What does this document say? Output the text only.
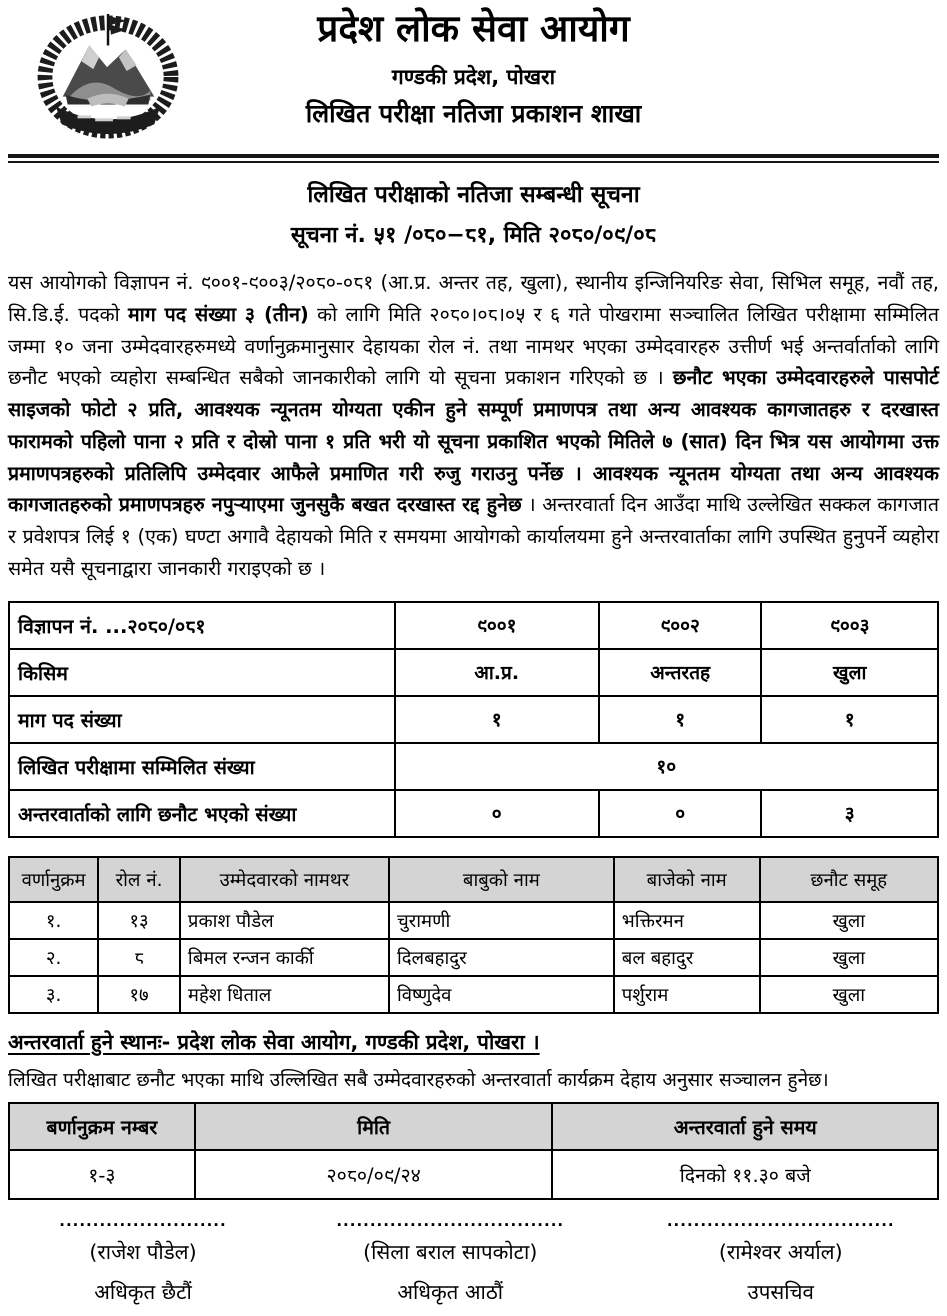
प्रदेश लोक सेवा आयोग
गण्डकी प्रदेश, पोखरा
लिखित परीक्षा नतिजा प्रकाशन शाखा
लिखित परीक्षाको नतिजा सम्बन्धी सूचना
सूचना नं. ५१ /०८०−८१, मिति २०८०/०९/०८

यस आयोगको विज्ञापन नं. ९००१-९००३/२०८०-०८१ (आ.प्र. अन्तर तह, खुला), स्थानीय इन्जिनियरिङ सेवा, सिभिल समूह, नवौं तह, सि.डि.ई. पदको माग पद संख्या ३ (तीन) को लागि मिति २०८०।०८।०५ र ६ गते पोखरामा सञ्चालित लिखित परीक्षामा सम्मिलित जम्मा १० जना उम्मेदवारहरुमध्ये वर्णानुक्रमानुसार देहायका रोल नं. तथा नामथर भएका उम्मेदवारहरु उत्तीर्ण भई अन्तर्वार्ताको लागि छनौट भएको व्यहोरा सम्बन्धित सबैको जानकारीको लागि यो सूचना प्रकाशन गरिएको छ । छनौट भएका उम्मेदवारहरुले पासपोर्ट साइजको फोटो २ प्रति, आवश्यक न्यूनतम योग्यता एकीन हुने सम्पूर्ण प्रमाणपत्र तथा अन्य आवश्यक कागजातहरु र दरखास्त फारामको पहिलो पाना २ प्रति र दोस्रो पाना १ प्रति भरी यो सूचना प्रकाशित भएको मितिले ७ (सात) दिन भित्र यस आयोगमा उक्त प्रमाणपत्रहरुको प्रतिलिपि उम्मेदवार आफैले प्रमाणित गरी रुजु गराउनु पर्नेछ । आवश्यक न्यूनतम योग्यता तथा अन्य आवश्यक कागजातहरुको प्रमाणपत्रहरु नपुऱ्याएमा जुनसुकै बखत दरखास्त रद्द हुनेछ । अन्तरवार्ता दिन आउँदा माथि उल्लेखित सक्कल कागजात र प्रवेशपत्र लिई १ (एक) घण्टा अगावै देहायको मिति र समयमा आयोगको कार्यालयमा हुने अन्तरवार्ताका लागि उपस्थित हुनुपर्ने व्यहोरा समेत यसै सूचनाद्वारा जानकारी गराइएको छ ।

विज्ञापन नं. ...२०८०/०८१	९००१	९००२	९००३
किसिम	आ.प्र.	अन्तरतह	खुला
माग पद संख्या	१	१	१
लिखित परीक्षामा सम्मिलित संख्या	१०		
अन्तरवार्ताको लागि छनौट भएको संख्या	०	०	३
वर्णानुक्रम	रोल नं.	उम्मेदवारको नामथर	बाबुको नाम	बाजेको नाम	छनौट समूह
१.	१३	प्रकाश पौडेल	चुरामणी	भक्तिरमन	खुला
२.	८	बिमल रन्जन कार्की	दिलबहादुर	बल बहादुर	खुला
३.	१७	महेश धिताल	विष्णुदेव	पर्शुराम	खुला
अन्तरवार्ता हुने स्थानः- प्रदेश लोक सेवा आयोग, गण्डकी प्रदेश, पोखरा ।
लिखित परीक्षाबाट छनौट भएका माथि उल्लिखित सबै उम्मेदवारहरुको अन्तरवार्ता कार्यक्रम देहाय अनुसार सञ्चालन हुनेछ।
बर्णानुक्रम नम्बर	मिति	अन्तरवार्ता हुने समय
१-३	२०८०/०९/२४	दिनको ११.३० बजे
.........................
(राजेश पौडेल)
अधिकृत छैटौं
..................................
(सिला बराल सापकोटा)
अधिकृत आठौं
..................................
(रामेश्वर अर्याल)
उपसचिव
